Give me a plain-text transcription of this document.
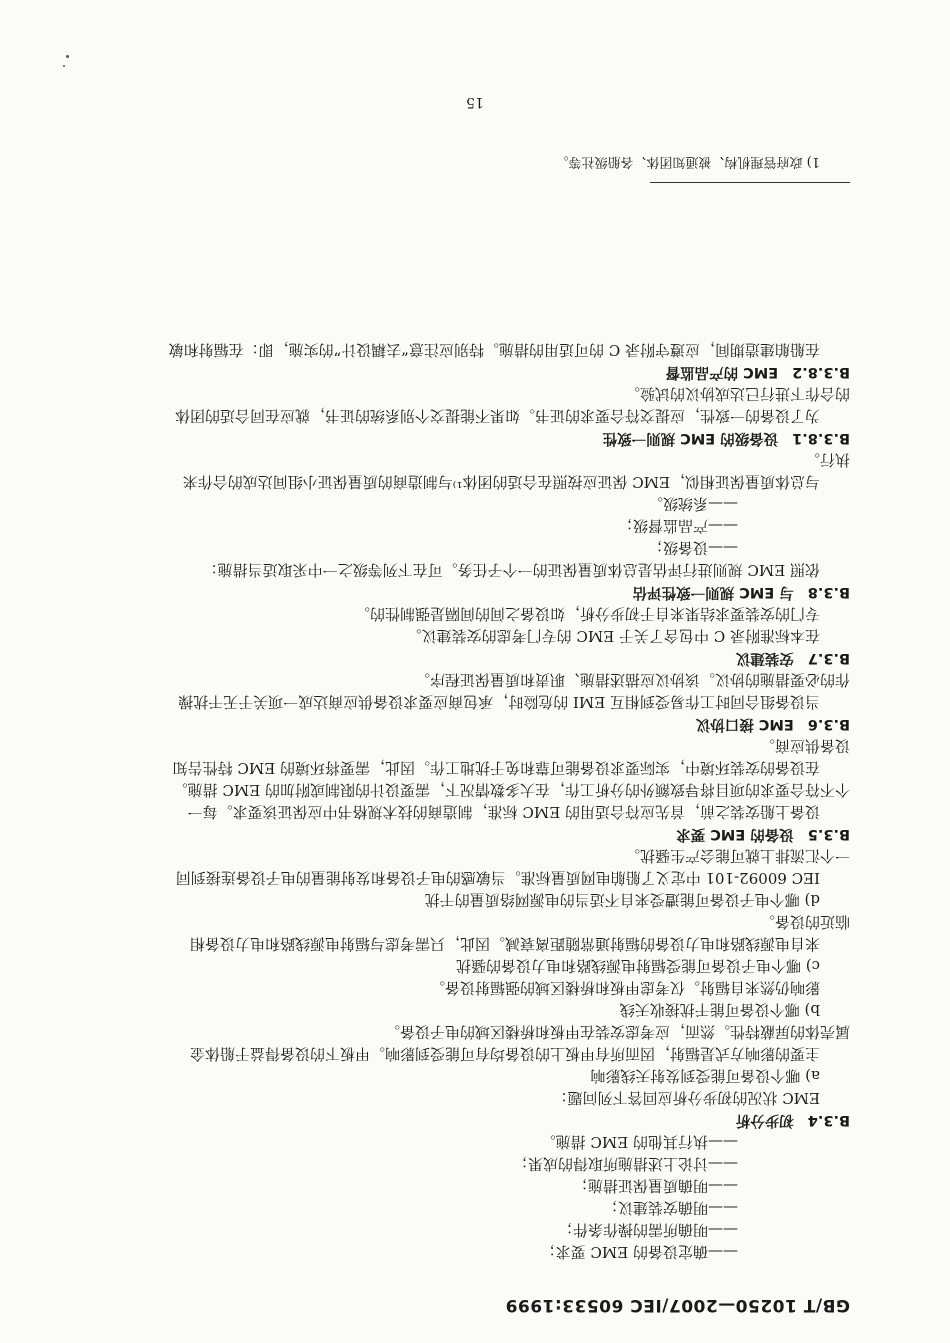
GB/T 10250—2007/IEC 60533:1999
——确定设备的 EMC 要求；
——明确所需的操作条件；
——明确安装建议；
——明确质量保证措施；
——讨论上述措施所取得的成果；
——执行其他的 EMC 措施。
B.3.4初步分析
EMC 状况的初步分析应回答下列问题：
a) 哪个设备可能受到发射天线影响
主要的影响方式是辐射，因而所有甲板上的设备均有可能受到影响。甲板下的设备得益于船体金
属壳体的屏蔽特性。然而，应考虑安装在甲板和桥楼区域的电子设备。
b) 哪个设备可能干扰接收天线
影响仍然来自辐射。仅考虑甲板和桥楼区域的强辐射设备。
c) 哪个电子设备可能受辐射电源线路和电力设备的骚扰
来自电源线路和电力设备的辐射通常随距离衰减。因此，只需考虑与辐射电源线路和电力设备相
临近的设备。
d) 哪个电子设备可能遭受来自不适当的电源网络质量的干扰
IEC 60092-101 中定义了船舶电网质量标准。当敏感的电子设备和发射能量的电子设备连接到同
一个汇流排上就可能会产生骚扰。
B.3.5设备的 EMC 要求
设备上船安装之前，首先应符合适用的 EMC 标准，制造商的技术规格书中应保证该要求。每一
个不符合要求的项目将导致额外的分析工作，在大多数情况下，需要设计的限制或附加的 EMC 措施。
在设备的安装环境中，实际要求设备能可靠和免于扰地工作。因此，需要将环境的 EMC 特性告知
设备供应商。
B.3.6EMC 接口协议
当设备组合同时工作易受到相互 EMI 的危险时，承包商应要求设备供应商达成一项关于无干扰操
作的必要措施的协议。该协议应描述措施、职责和质量保证程序。
B.3.7安装建议
在本标准附录 C 中包含了关于 EMC 的专门考虑的安装建议。
专门的安装要求结果来自于初步分析，如设备之间的间隔是强制性的。
B.3.8与 EMC 规则一致性评估
依照 EMC 规则进行评估是总体质量保证的一个子任务。可在下列等级之一中采取适当措施：
——设备级；
——产品监督级；
——系统级。
与总体质量保证相似，EMC 保证应按照在合适的团体¹⁾与制造商的质量保证小组间达成的合作来
执行。
B.3.8.1设备级的 EMC 规则一致性
为了设备的一致性，应提交符合要求的证书。如果不能提交个别系统的证书，就应在同合适的团体
的合作下进行已达成协议的试验。
B.3.8.2EMC 的产品监督
在船舶建造期间，应遵守附录 C 的可适用的措施。特别应注意“去耦设计”的实施，即：在辐射和敏
1) 政府管理机构、被通知团体、各船级社等。
15
